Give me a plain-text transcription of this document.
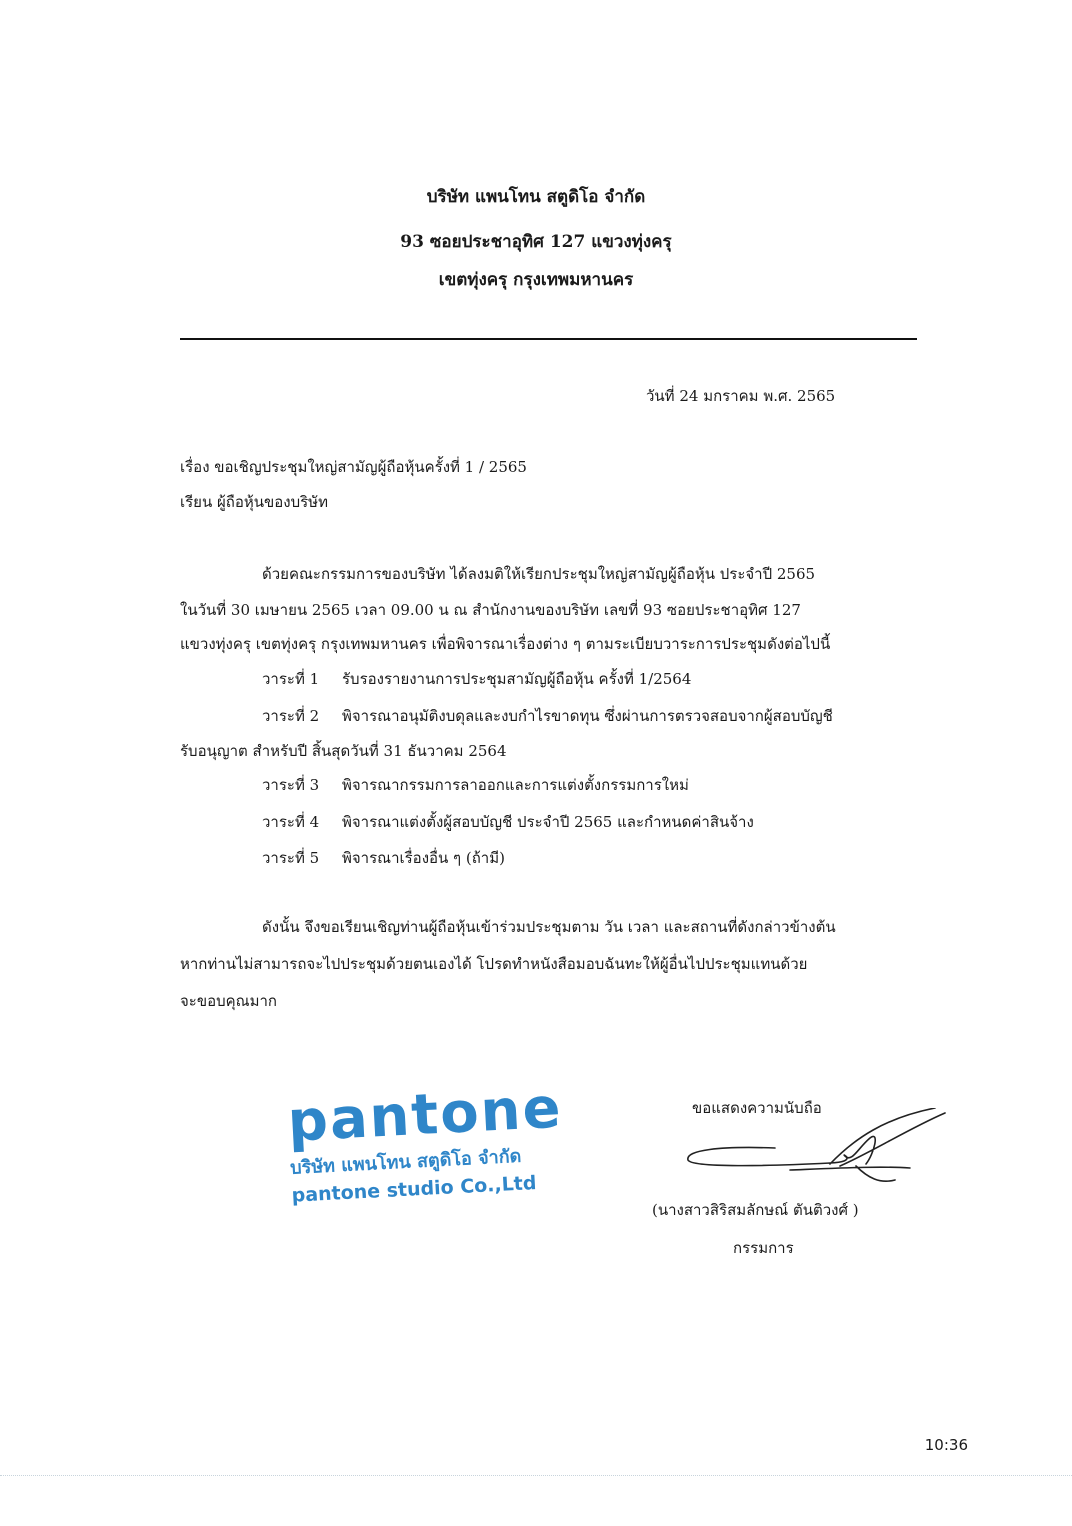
บริษัท แพนโทน สตูดิโอ จำกัด
93 ซอยประชาอุทิศ 127 แขวงทุ่งครุ
เขตทุ่งครุ กรุงเทพมหานคร
วันที่ 24 มกราคม พ.ศ. 2565
เรื่อง ขอเชิญประชุมใหญ่สามัญผู้ถือหุ้นครั้งที่ 1 / 2565
เรียน ผู้ถือหุ้นของบริษัท
ด้วยคณะกรรมการของบริษัท ได้ลงมติให้เรียกประชุมใหญ่สามัญผู้ถือหุ้น ประจำปี 2565
ในวันที่ 30 เมษายน 2565 เวลา 09.00 น ณ สำนักงานของบริษัท เลขที่ 93 ซอยประชาอุทิศ 127
แขวงทุ่งครุ เขตทุ่งครุ กรุงเทพมหานคร เพื่อพิจารณาเรื่องต่าง ๆ ตามระเบียบวาระการประชุมดังต่อไปนี้
วาระที่ 1 รับรองรายงานการประชุมสามัญผู้ถือหุ้น ครั้งที่ 1/2564
วาระที่ 2 พิจารณาอนุมัติงบดุลและงบกำไรขาดทุน ซึ่งผ่านการตรวจสอบจากผู้สอบบัญชี
รับอนุญาต สำหรับปี สิ้นสุดวันที่ 31 ธันวาคม 2564
วาระที่ 3 พิจารณากรรมการลาออกและการแต่งตั้งกรรมการใหม่
วาระที่ 4 พิจารณาแต่งตั้งผู้สอบบัญชี ประจำปี 2565 และกำหนดค่าสินจ้าง
วาระที่ 5 พิจารณาเรื่องอื่น ๆ (ถ้ามี)
ดังนั้น จึงขอเรียนเชิญท่านผู้ถือหุ้นเข้าร่วมประชุมตาม วัน เวลา และสถานที่ดังกล่าวข้างต้น
หากท่านไม่สามารถจะไปประชุมด้วยตนเองได้ โปรดทำหนังสือมอบฉันทะให้ผู้อื่นไปประชุมแทนด้วย
จะขอบคุณมาก
pantone
บริษัท แพนโทน สตูดิโอ จำกัด
pantone studio Co.,Ltd
ขอแสดงความนับถือ
(นางสาวสิริสมลักษณ์ ตันติวงศ์ )
กรรมการ
10:36
